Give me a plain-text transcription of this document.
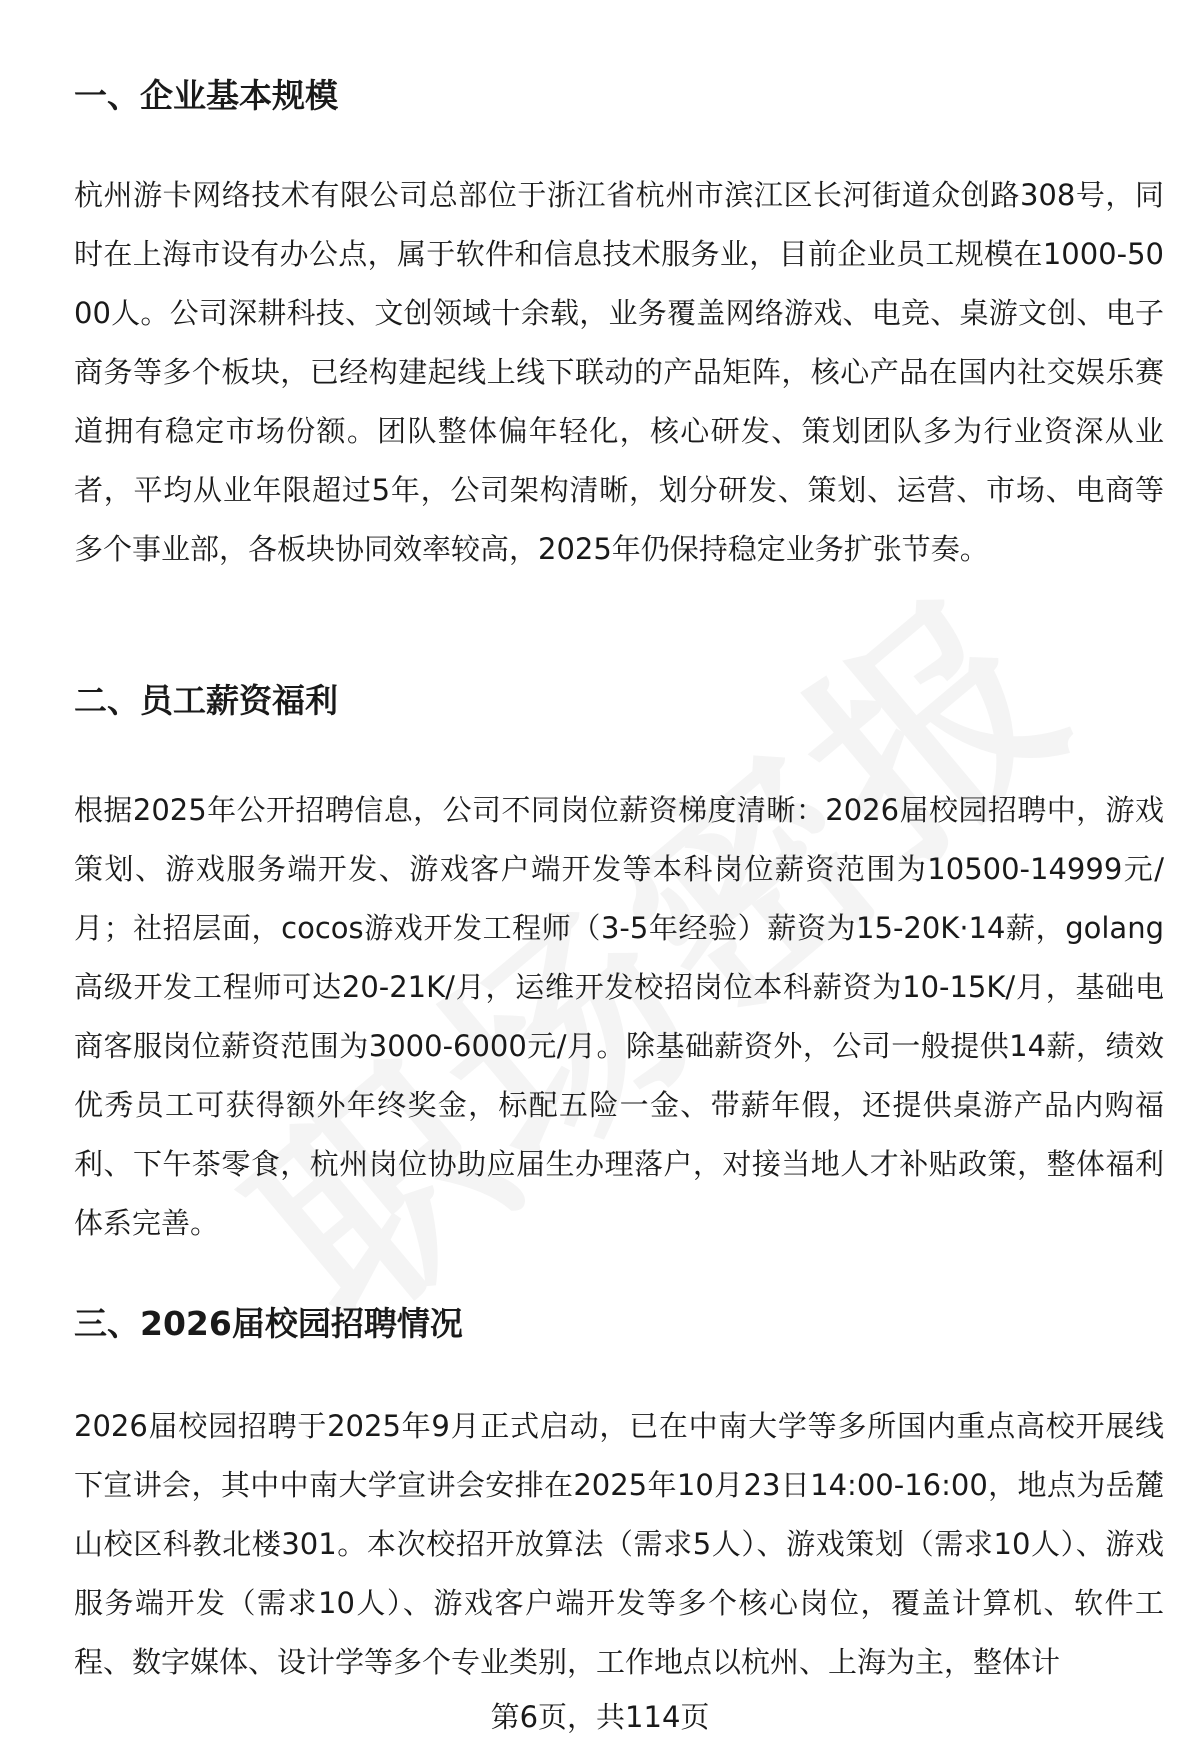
一、企业基本规模

杭州游卡网络技术有限公司总部位于浙江省杭州市滨江区长河街道众创路308号，同时在上海市设有办公点，属于软件和信息技术服务业，目前企业员工规模在1000-5000人。公司深耕科技、文创领域十余载，业务覆盖网络游戏、电竞、桌游文创、电子商务等多个板块，已经构建起线上线下联动的产品矩阵，核心产品在国内社交娱乐赛道拥有稳定市场份额。团队整体偏年轻化，核心研发、策划团队多为行业资深从业者，平均从业年限超过5年，公司架构清晰，划分研发、策划、运营、市场、电商等多个事业部，各板块协同效率较高，2025年仍保持稳定业务扩张节奏。

二、员工薪资福利

根据2025年公开招聘信息，公司不同岗位薪资梯度清晰：2026届校园招聘中，游戏策划、游戏服务端开发、游戏客户端开发等本科岗位薪资范围为10500-14999元/月；社招层面，cocos游戏开发工程师（3-5年经验）薪资为15-20K·14薪，golang高级开发工程师可达20-21K/月，运维开发校招岗位本科薪资为10-15K/月，基础电商客服岗位薪资范围为3000-6000元/月。除基础薪资外，公司一般提供14薪，绩效优秀员工可获得额外年终奖金，标配五险一金、带薪年假，还提供桌游产品内购福利、下午茶零食，杭州岗位协助应届生办理落户，对接当地人才补贴政策，整体福利体系完善。

三、2026届校园招聘情况

2026届校园招聘于2025年9月正式启动，已在中南大学等多所国内重点高校开展线下宣讲会，其中中南大学宣讲会安排在2025年10月23日14:00-16:00，地点为岳麓山校区科教北楼301。本次校招开放算法（需求5人）、游戏策划（需求10人）、游戏服务端开发（需求10人）、游戏客户端开发等多个核心岗位，覆盖计算机、软件工程、数字媒体、设计学等多个专业类别，工作地点以杭州、上海为主，整体计

第6页，共114页
